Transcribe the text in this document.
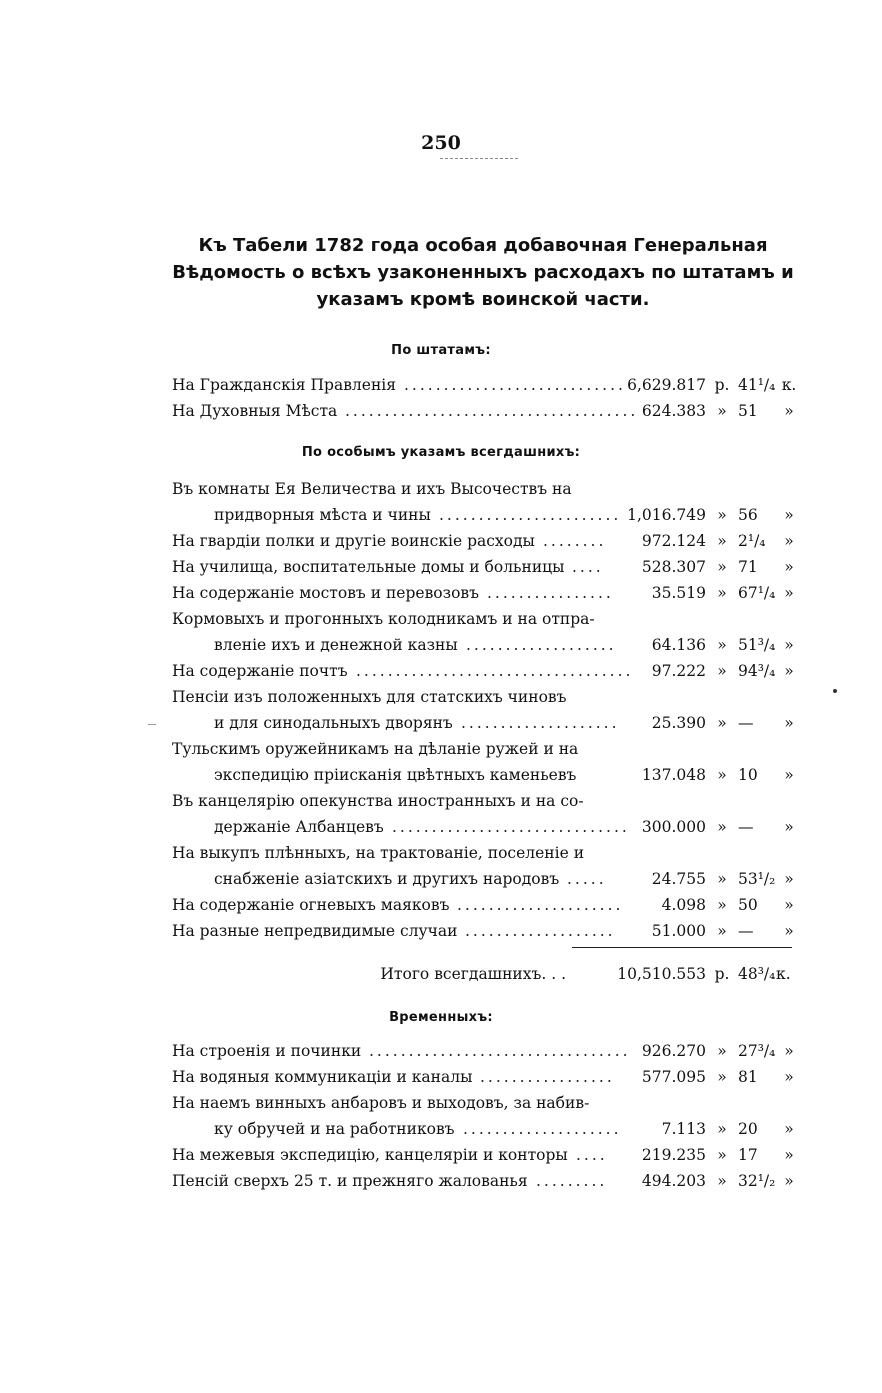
250
Къ Табели 1782 года особая добавочная Генеральная Вѣдомость о всѣхъ узаконенныхъ расходахъ по штатамъ и указамъ кромѣ воинской части.
По штатамъ:
На Гражданскія Правленія ............................ 6,629.817 р. 41¹/₄ к.
На Духовныя Мѣста ..................................... 624.383 » 51 »
По особымъ указамъ всегдашнихъ:
Въ комнаты Ея Величества и ихъ Высочествъ на
придворныя мѣста и чины ....................... 1,016.749 » 56 »
На гвардіи полки и другіе воинскіе расходы ........ 972.124 » 2¹/₄ »
На училища, воспитательные домы и больницы .... 528.307 » 71 »
На содержаніе мостовъ и перевозовъ ................ 35.519 » 67¹/₄ »
Кормовыхъ и прогонныхъ колодникамъ и на отпра-
вленіе ихъ и денежной казны ................... 64.136 » 51³/₄ »
На содержаніе почтъ ................................... 97.222 » 94³/₄ »
Пенсіи изъ положенныхъ для статскихъ чиновъ
и для синодальныхъ дворянъ .................... 25.390 » — »
Тульскимъ оружейникамъ на дѣланіе ружей и на
экспедицію пріисканія цвѣтныхъ каменьевъ	137.048 » 10 »
Въ канцелярію опекунства иностранныхъ и на со-
держаніе Албанцевъ .............................. 300.000 » — »
На выкупъ плѣнныхъ, на трактованіе, поселеніе и
снабженіе азіатскихъ и другихъ народовъ .....	24.755 » 53¹/₂ »
На содержаніе огневыхъ маяковъ ..................... 4.098 » 50 »
На разные непредвидимые случаи ................... 51.000 » — »
Итого всегдашнихъ. . .	10,510.553 р. 48³/₄ к.
Временныхъ:
На строенія и починки ................................. 926.270 » 27³/₄ »
На водяныя коммуникаціи и каналы ................. 577.095 » 81 »
На наемъ винныхъ анбаровъ и выходовъ, за набив-
ку обручей и на работниковъ ....................	7.113 » 20 »
На межевыя экспедицію, канцеляріи и конторы .... 219.235 » 17 »
Пенсій сверхъ 25 т. и прежняго жалованья ......... 494.203 » 32¹/₂ »
